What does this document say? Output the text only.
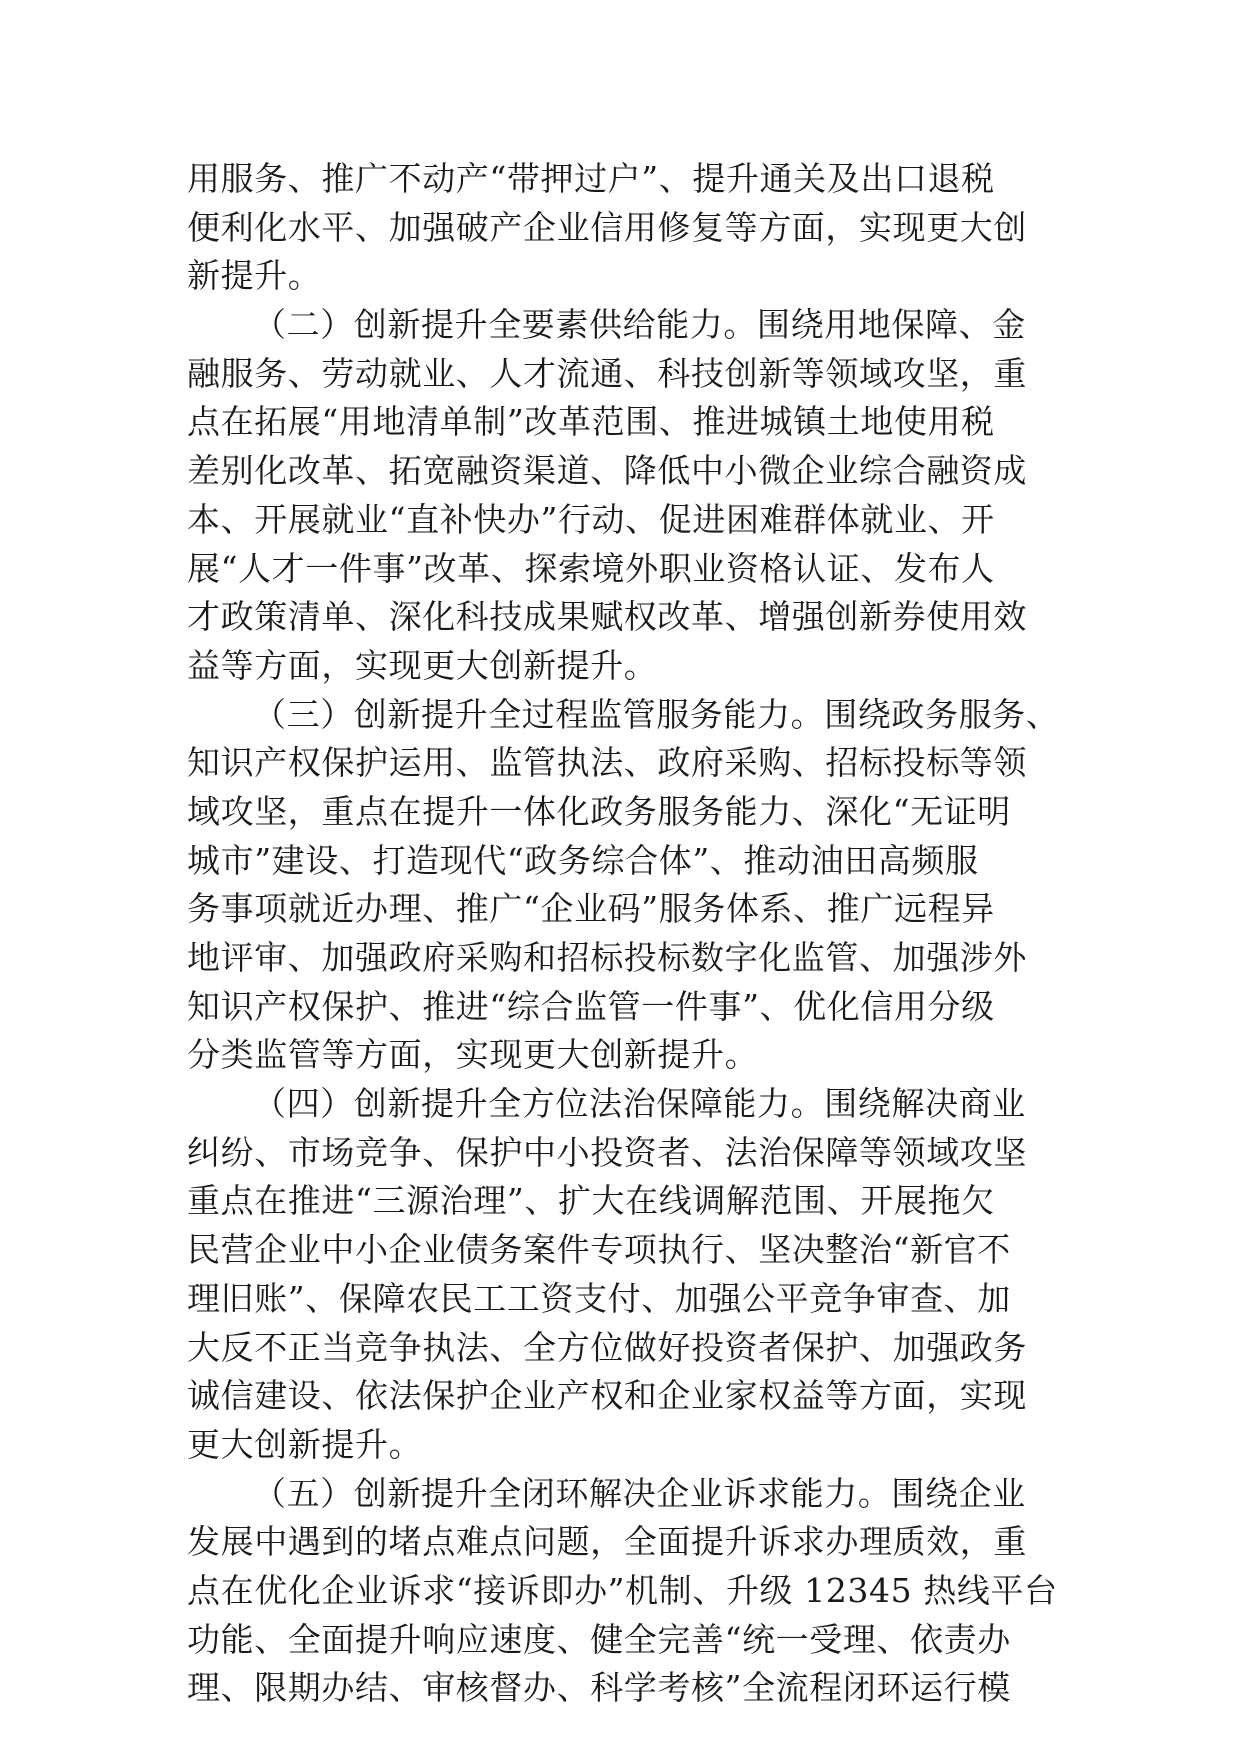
用服务、推广不动产“带押过户”、提升通关及出口退税
便利化水平、加强破产企业信用修复等方面，实现更大创
新提升。
（二）创新提升全要素供给能力。围绕用地保障、金
融服务、劳动就业、人才流通、科技创新等领域攻坚，重
点在拓展“用地清单制”改革范围、推进城镇土地使用税
差别化改革、拓宽融资渠道、降低中小微企业综合融资成
本、开展就业“直补快办”行动、促进困难群体就业、开
展“人才一件事”改革、探索境外职业资格认证、发布人
才政策清单、深化科技成果赋权改革、增强创新券使用效
益等方面，实现更大创新提升。
（三）创新提升全过程监管服务能力。围绕政务服务、
知识产权保护运用、监管执法、政府采购、招标投标等领
域攻坚，重点在提升一体化政务服务能力、深化“无证明
城市”建设、打造现代“政务综合体”、推动油田高频服
务事项就近办理、推广“企业码”服务体系、推广远程异
地评审、加强政府采购和招标投标数字化监管、加强涉外
知识产权保护、推进“综合监管一件事”、优化信用分级
分类监管等方面，实现更大创新提升。
（四）创新提升全方位法治保障能力。围绕解决商业
纠纷、市场竞争、保护中小投资者、法治保障等领域攻坚
重点在推进“三源治理”、扩大在线调解范围、开展拖欠
民营企业中小企业债务案件专项执行、坚决整治“新官不
理旧账”、保障农民工工资支付、加强公平竞争审查、加
大反不正当竞争执法、全方位做好投资者保护、加强政务
诚信建设、依法保护企业产权和企业家权益等方面，实现
更大创新提升。
（五）创新提升全闭环解决企业诉求能力。围绕企业
发展中遇到的堵点难点问题，全面提升诉求办理质效，重
点在优化企业诉求“接诉即办”机制、升级 12345 热线平台
功能、全面提升响应速度、健全完善“统一受理、依责办
理、限期办结、审核督办、科学考核”全流程闭环运行模
